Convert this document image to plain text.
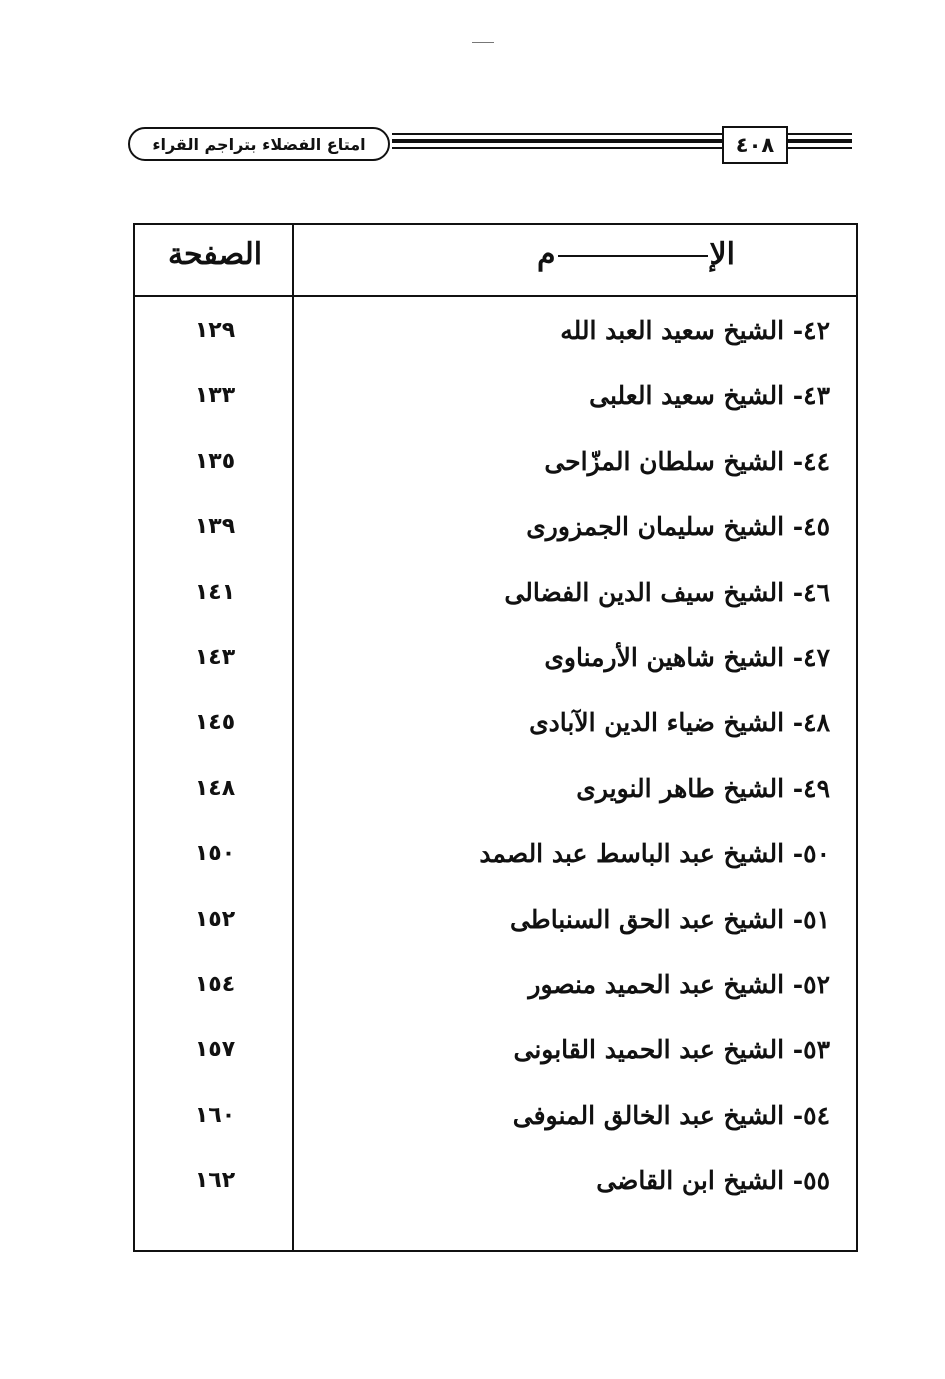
٤٠٨
امتاع الفضلاء بتراجم القراء
الإم
الصفحة
٤٢- الشيخ سعيد العبد الله
١٢٩
٤٣- الشيخ سعيد العلبى
١٣٣
٤٤- الشيخ سلطان المزّاحى
١٣٥
٤٥- الشيخ سليمان الجمزورى
١٣٩
٤٦- الشيخ سيف الدين الفضالى
١٤١
٤٧- الشيخ شاهين الأرمناوى
١٤٣
٤٨- الشيخ ضياء الدين الآبادى
١٤٥
٤٩- الشيخ طاهر النويرى
١٤٨
٥٠- الشيخ عبد الباسط عبد الصمد
١٥٠
٥١- الشيخ عبد الحق السنباطى
١٥٢
٥٢- الشيخ عبد الحميد منصور
١٥٤
٥٣- الشيخ عبد الحميد القابونى
١٥٧
٥٤- الشيخ عبد الخالق المنوفى
١٦٠
٥٥- الشيخ ابن القاضى
١٦٢
